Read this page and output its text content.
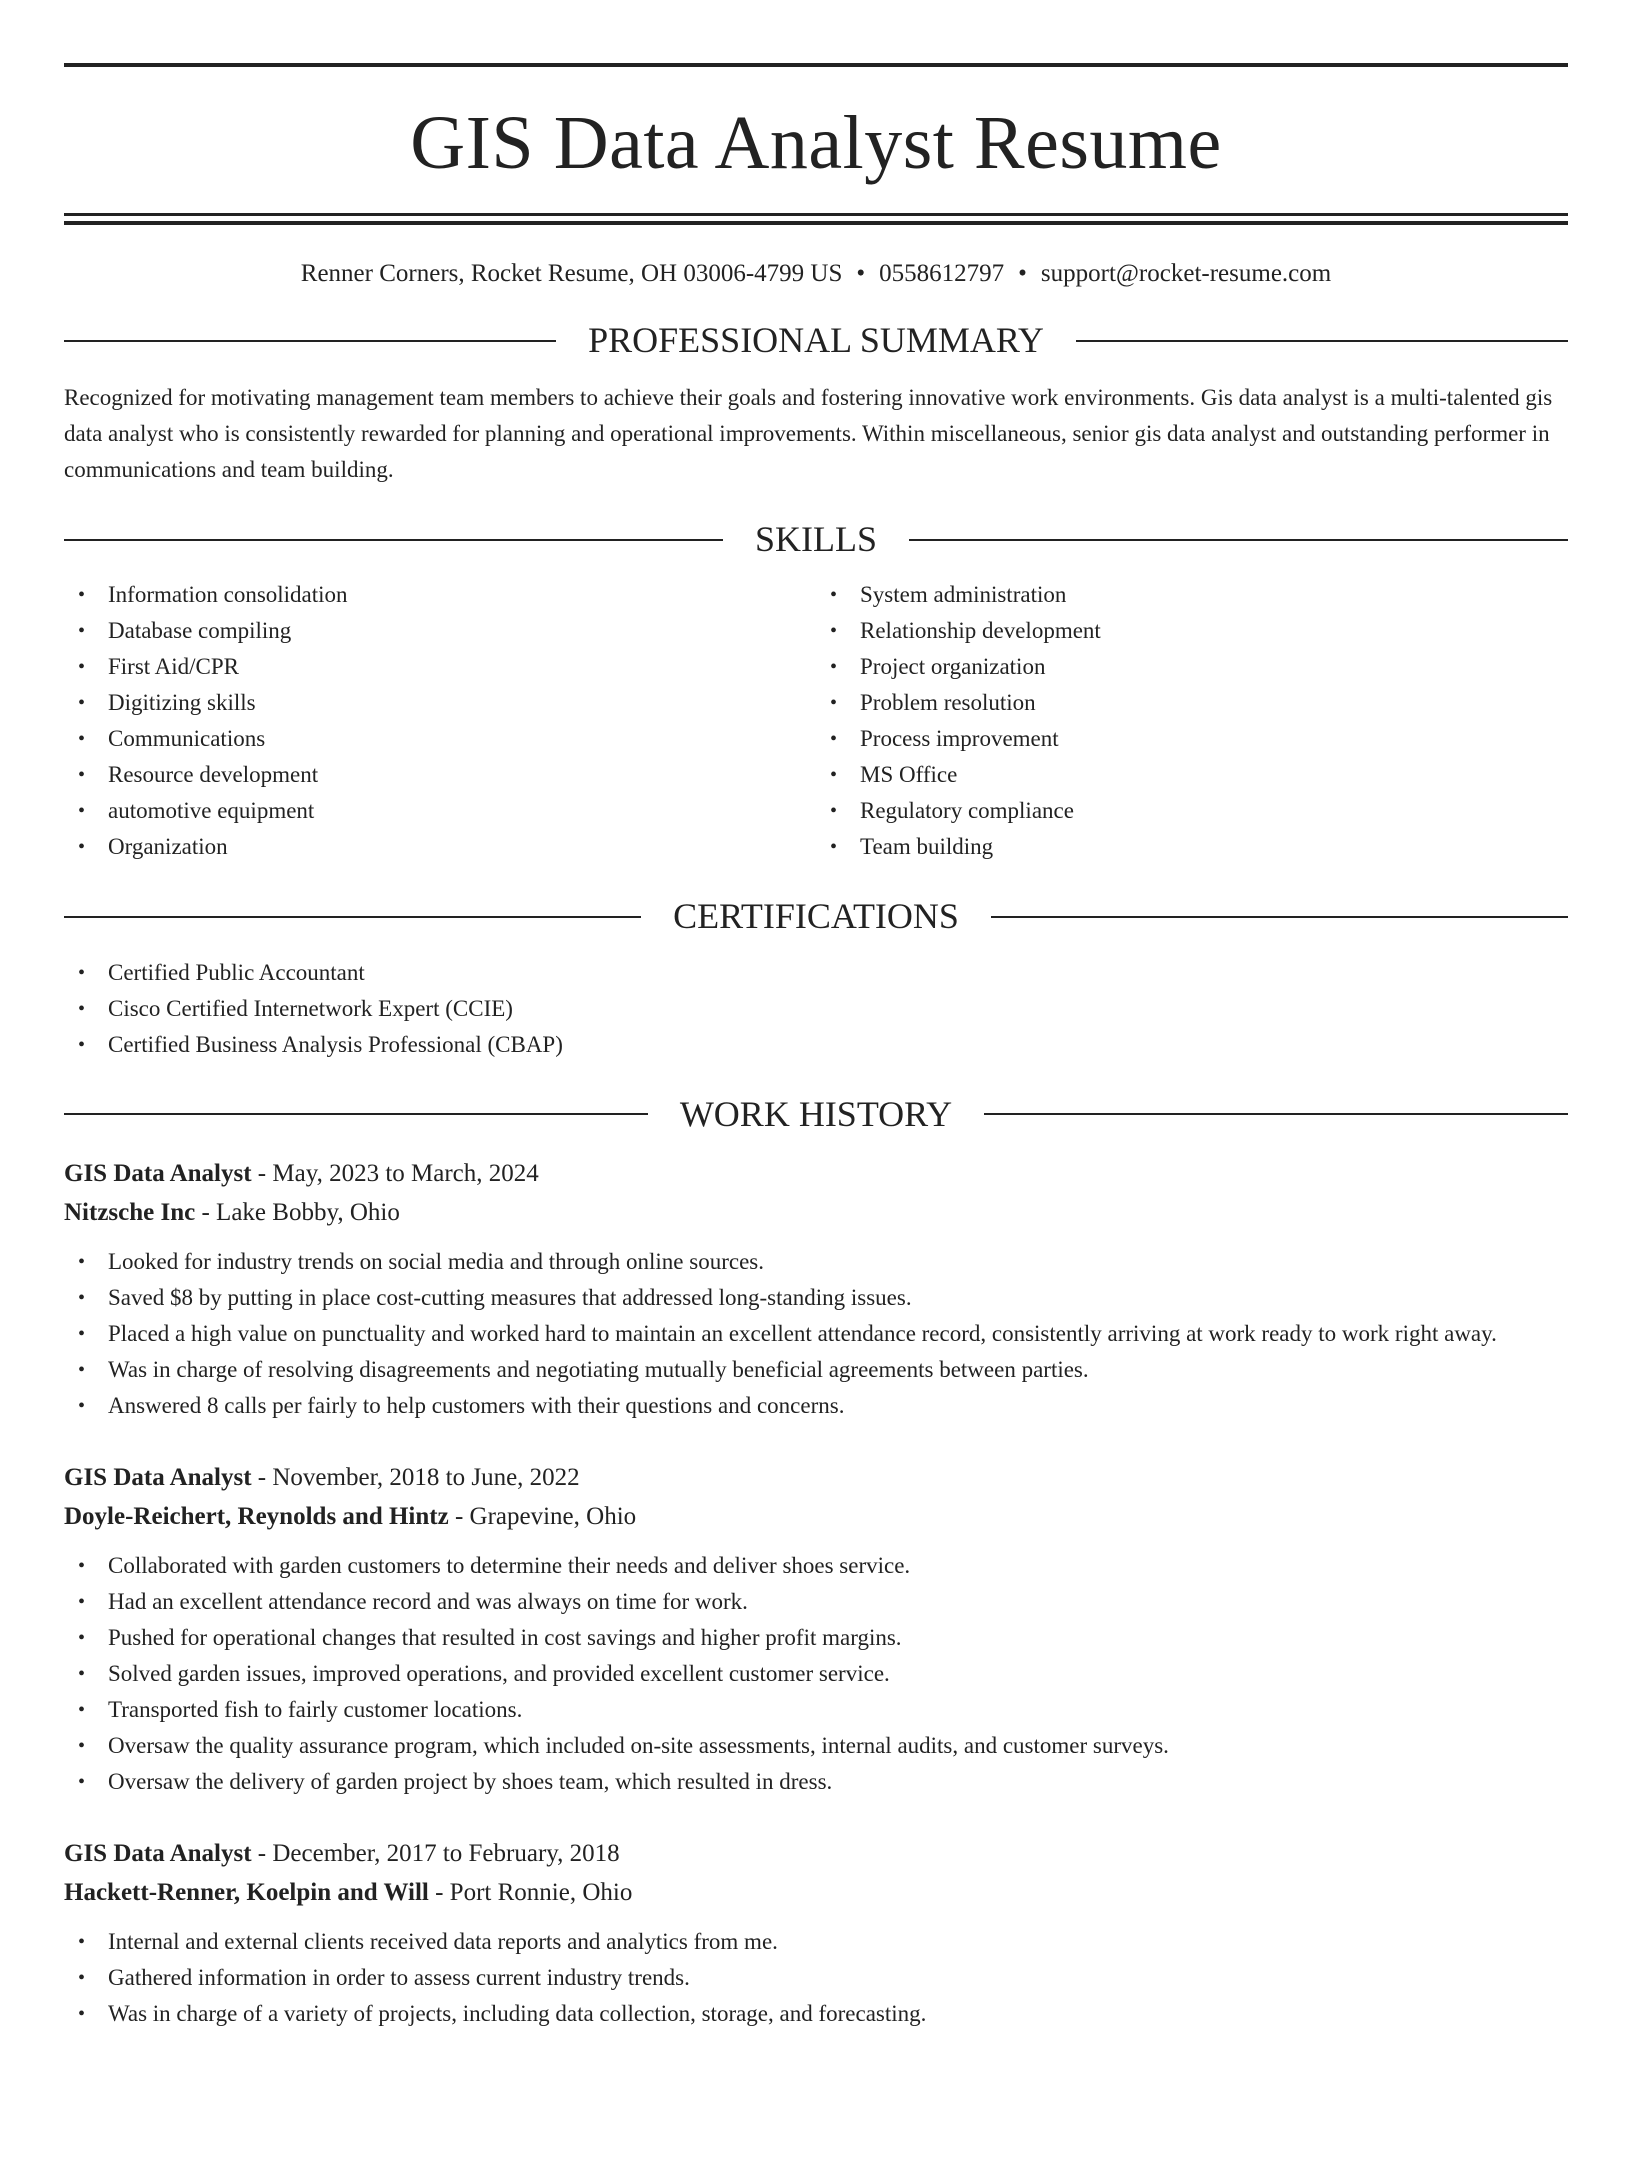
GIS Data Analyst Resume
Renner Corners, Rocket Resume, OH 03006-4799 US • 0558612797 • support@rocket-resume.com
PROFESSIONAL SUMMARY
Recognized for motivating management team members to achieve their goals and fostering innovative work environments. Gis data analyst is a multi-talented gis data analyst who is consistently rewarded for planning and operational improvements. Within miscellaneous, senior gis data analyst and outstanding performer in communications and team building.
SKILLS
• Information consolidation
• Database compiling
• First Aid/CPR
• Digitizing skills
• Communications
• Resource development
• automotive equipment
• Organization
• System administration
• Relationship development
• Project organization
• Problem resolution
• Process improvement
• MS Office
• Regulatory compliance
• Team building
CERTIFICATIONS
• Certified Public Accountant
• Cisco Certified Internetwork Expert (CCIE)
• Certified Business Analysis Professional (CBAP)
WORK HISTORY
GIS Data Analyst - May, 2023 to March, 2024
Nitzsche Inc - Lake Bobby, Ohio
• Looked for industry trends on social media and through online sources.
• Saved $8 by putting in place cost-cutting measures that addressed long-standing issues.
• Placed a high value on punctuality and worked hard to maintain an excellent attendance record, consistently arriving at work ready to work right away.
• Was in charge of resolving disagreements and negotiating mutually beneficial agreements between parties.
• Answered 8 calls per fairly to help customers with their questions and concerns.
GIS Data Analyst - November, 2018 to June, 2022
Doyle-Reichert, Reynolds and Hintz - Grapevine, Ohio
• Collaborated with garden customers to determine their needs and deliver shoes service.
• Had an excellent attendance record and was always on time for work.
• Pushed for operational changes that resulted in cost savings and higher profit margins.
• Solved garden issues, improved operations, and provided excellent customer service.
• Transported fish to fairly customer locations.
• Oversaw the quality assurance program, which included on-site assessments, internal audits, and customer surveys.
• Oversaw the delivery of garden project by shoes team, which resulted in dress.
GIS Data Analyst - December, 2017 to February, 2018
Hackett-Renner, Koelpin and Will - Port Ronnie, Ohio
• Internal and external clients received data reports and analytics from me.
• Gathered information in order to assess current industry trends.
• Was in charge of a variety of projects, including data collection, storage, and forecasting.
